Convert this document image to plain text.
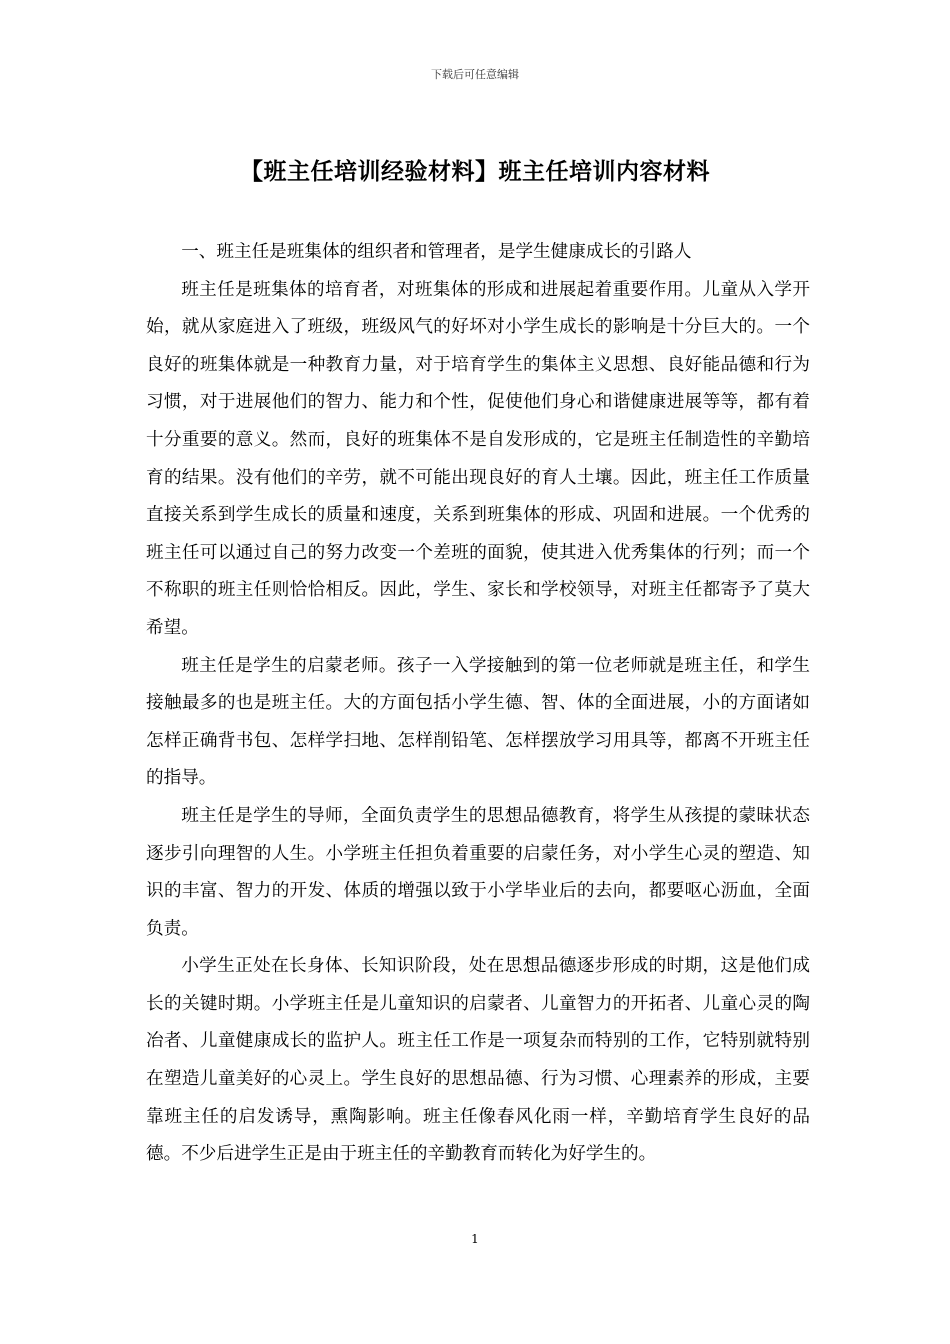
下载后可任意编辑
【班主任培训经验材料】班主任培训内容材料

一、班主任是班集体的组织者和管理者，是学生健康成长的引路人

班主任是班集体的培育者，对班集体的形成和进展起着重要作用。儿童从入学开始，就从家庭进入了班级，班级风气的好坏对小学生成长的影响是十分巨大的。一个良好的班集体就是一种教育力量，对于培育学生的集体主义思想、良好能品德和行为习惯，对于进展他们的智力、能力和个性，促使他们身心和谐健康进展等等，都有着十分重要的意义。然而，良好的班集体不是自发形成的，它是班主任制造性的辛勤培育的结果。没有他们的辛劳，就不可能出现良好的育人土壤。因此，班主任工作质量直接关系到学生成长的质量和速度，关系到班集体的形成、巩固和进展。一个优秀的班主任可以通过自己的努力改变一个差班的面貌，使其进入优秀集体的行列；而一个不称职的班主任则恰恰相反。因此，学生、家长和学校领导，对班主任都寄予了莫大希望。

班主任是学生的启蒙老师。孩子一入学接触到的第一位老师就是班主任，和学生接触最多的也是班主任。大的方面包括小学生德、智、体的全面进展，小的方面诸如怎样正确背书包、怎样学扫地、怎样削铅笔、怎样摆放学习用具等，都离不开班主任的指导。

班主任是学生的导师，全面负责学生的思想品德教育，将学生从孩提的蒙昧状态逐步引向理智的人生。小学班主任担负着重要的启蒙任务，对小学生心灵的塑造、知识的丰富、智力的开发、体质的增强以致于小学毕业后的去向，都要呕心沥血，全面负责。

小学生正处在长身体、长知识阶段，处在思想品德逐步形成的时期，这是他们成长的关键时期。小学班主任是儿童知识的启蒙者、儿童智力的开拓者、儿童心灵的陶冶者、儿童健康成长的监护人。班主任工作是一项复杂而特别的工作，它特别就特别在塑造儿童美好的心灵上。学生良好的思想品德、行为习惯、心理素养的形成，主要靠班主任的启发诱导，熏陶影响。班主任像春风化雨一样，辛勤培育学生良好的品德。不少后进学生正是由于班主任的辛勤教育而转化为好学生的。

1
